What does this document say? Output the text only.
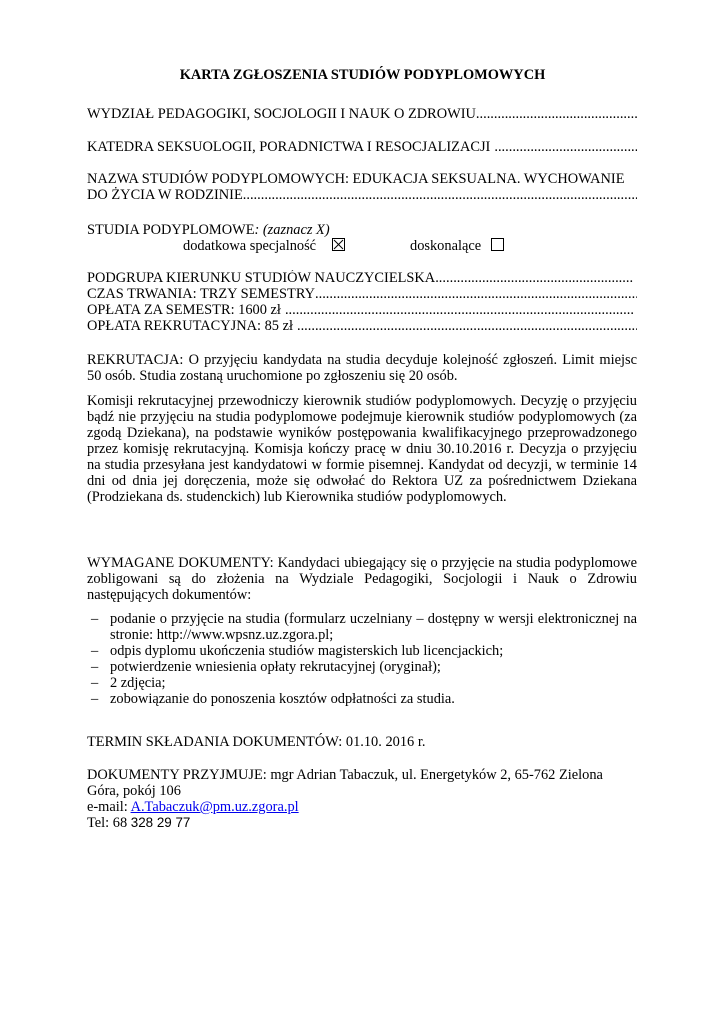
KARTA ZGŁOSZENIA STUDIÓW PODYPLOMOWYCH
WYDZIAŁ PEDAGOGIKI, SOCJOLOGII I NAUK O ZDROWIU
.....
KATEDRA SEKSUOLOGII, PORADNICTWA I RESOCJALIZACJI
.....
NAZWA STUDIÓW PODYPLOMOWYCH: EDUKACJA SEKSUALNA. WYCHOWANIE
DO ŻYCIA W RODZINIE
.....
STUDIA PODYPLOMOWE: (zaznacz X)
dodatkowa specjalność	doskonalące
PODGRUPA KIERUNKU STUDIÓW NAUCZYCIELSKA
.....
CZAS TRWANIA: TRZY SEMESTRY
.....
OPŁATA ZA SEMESTR: 1600 zł
.....
OPŁATA REKRUTACYJNA: 85 zł
.....
REKRUTACJA: O przyjęciu kandydata na studia decyduje kolejność zgłoszeń. Limit miejsc 50 osób. Studia zostaną uruchomione po zgłoszeniu się 20 osób.
Komisji rekrutacyjnej przewodniczy kierownik studiów podyplomowych. Decyzję o przyjęciu bądź nie przyjęciu na studia podyplomowe podejmuje kierownik studiów podyplomowych (za zgodą Dziekana), na podstawie wyników postępowania kwalifikacyjnego przeprowadzonego przez komisję rekrutacyjną. Komisja kończy pracę w dniu 30.10.2016 r. Decyzja o przyjęciu na studia przesyłana jest kandydatowi w formie pisemnej. Kandydat od decyzji, w terminie 14 dni od dnia jej doręczenia, może się odwołać do Rektora UZ za pośrednictwem Dziekana (Prodziekana ds. studenckich) lub Kierownika studiów podyplomowych.
WYMAGANE DOKUMENTY: Kandydaci ubiegający się o przyjęcie na studia podyplomowe zobligowani są do złożenia na Wydziale Pedagogiki, Socjologii i Nauk o Zdrowiu następujących dokumentów:
– podanie o przyjęcie na studia (formularz uczelniany – dostępny w wersji elektronicznej na stronie: http://www.wpsnz.uz.zgora.pl;
– odpis dyplomu ukończenia studiów magisterskich lub licencjackich;
– potwierdzenie wniesienia opłaty rekrutacyjnej (oryginał);
– 2 zdjęcia;
– zobowiązanie do ponoszenia kosztów odpłatności za studia.
TERMIN SKŁADANIA DOKUMENTÓW: 01.10. 2016 r.
DOKUMENTY PRZYJMUJE: mgr Adrian Tabaczuk, ul. Energetyków 2, 65-762 Zielona Góra, pokój 106
e-mail: A.Tabaczuk@pm.uz.zgora.pl
Tel: 68 328 29 77
